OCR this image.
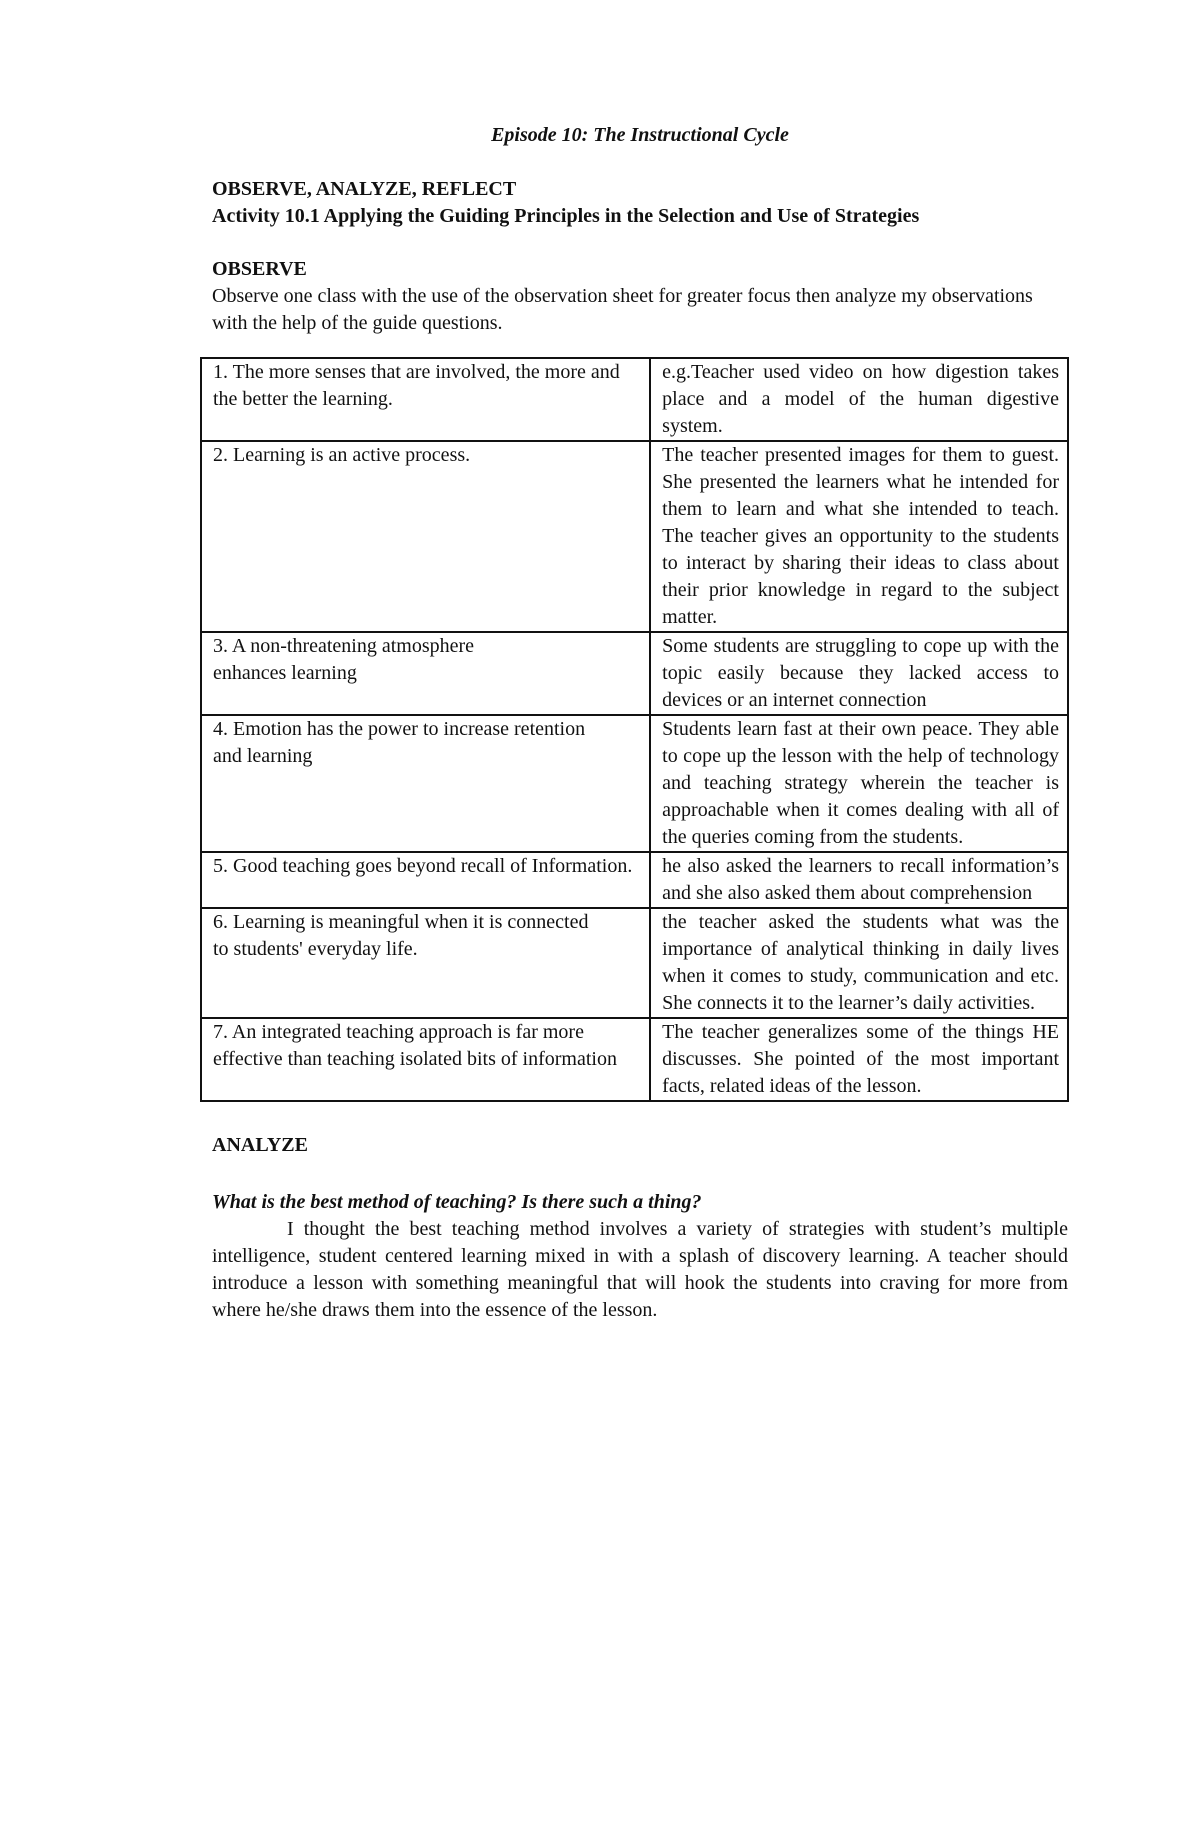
Episode 10: The Instructional Cycle

OBSERVE, ANALYZE, REFLECT

Activity 10.1 Applying the Guiding Principles in the Selection and Use of Strategies

OBSERVE

Observe one class with the use of the observation sheet for greater focus then analyze my observations with the help of the guide questions.

1. The more senses that are involved, the more and the better the learning.	e.g.Teacher used video on how digestion takes place and a model of the human digestive system.

2. Learning is an active process.	The teacher presented images for them to guest. She presented the learners what he intended for them to learn and what she intended to teach. The teacher gives an opportunity to the students to interact by sharing their ideas to class about their prior knowledge in regard to the subject matter.

3. A non-threatening atmosphere
enhances learning	Some students are struggling to cope up with the topic easily because they lacked access to devices or an internet connection

4. Emotion has the power to increase retention
and learning	Students learn fast at their own peace. They able to cope up the lesson with the help of technology and teaching strategy wherein the teacher is approachable when it comes dealing with all of the queries coming from the students.

5. Good teaching goes beyond recall of Information.	he also asked the learners to recall information’s and she also asked them about comprehension

6. Learning is meaningful when it is connected
to students' everyday life.	the teacher asked the students what was the importance of analytical thinking in daily lives when it comes to study, communication and etc. She connects it to the learner’s daily activities.

7. An integrated teaching approach is far more effective than teaching isolated bits of information	The teacher generalizes some of the things HE discusses. She pointed of the most important facts, related ideas of the lesson.

ANALYZE

What is the best method of teaching? Is there such a thing?

I thought the best teaching method involves a variety of strategies with student’s multiple intelligence, student centered learning mixed in with a splash of discovery learning. A teacher should introduce a lesson with something meaningful that will hook the students into craving for more from where he/she draws them into the essence of the lesson.
